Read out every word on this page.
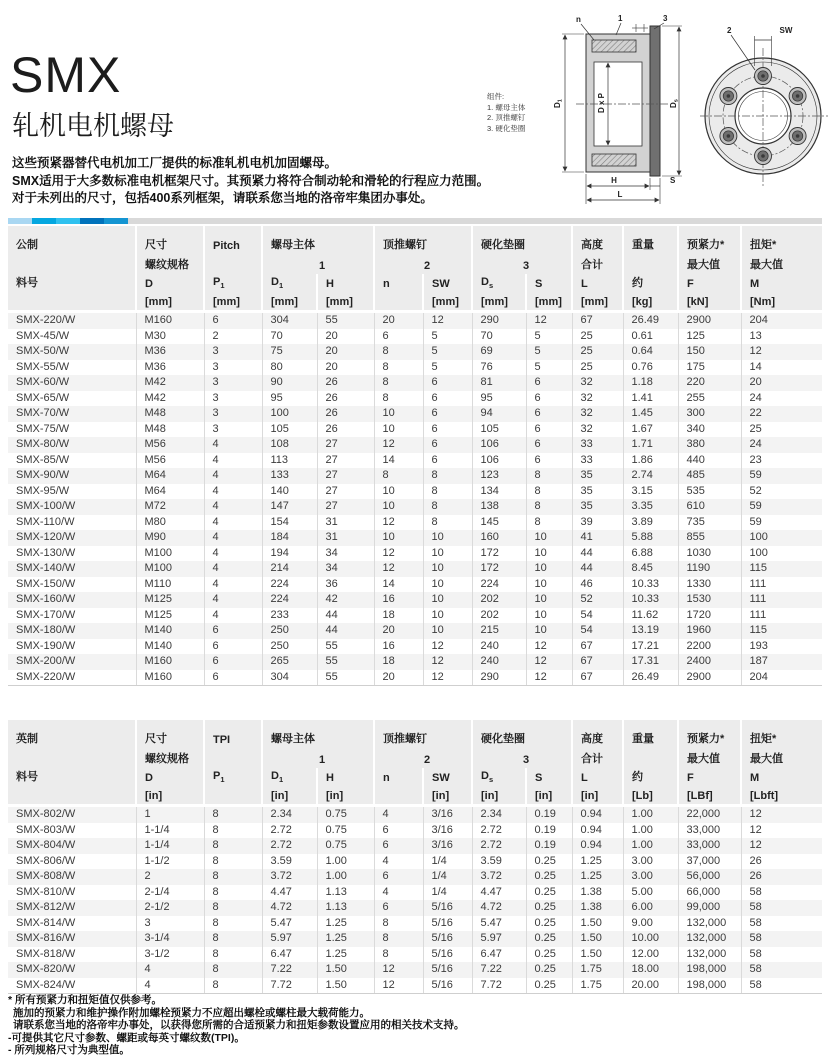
SMX
轧机电机螺母
这些预紧器替代电机加工厂提供的标准轧机电机加固螺母。
SMX适用于大多数标准电机框架尺寸。其预紧力将符合制动轮和滑轮的行程应力范围。
对于未列出的尺寸，包括400系列框架，请联系您当地的洛帝牢集团办事处。
组件:
1. 螺母主体
2. 顶推螺钉
3. 硬化垫圈
D1	D x P	Ds
H	S
L
n	1	3
2	SW
公制	尺寸	Pitch	螺母主体		顶推螺钉		硬化垫圈		高度	重量	预紧力*	扭矩*
	螺纹规格		1		2		3		合计		最大值	最大值
料号	D	$P_1$	$D_1$	H	n	SW	$D_s$	S	L	约	F	M
	[mm]	[mm]	[mm]	[mm]		[mm]	[mm]	[mm]	[mm]	[kg]	[kN]	[Nm]
SMX-220/W	M160	6	304	55	20	12	290	12	67	26.49	2900	204
SMX-45/W	M30	2	70	20	6	5	70	5	25	0.61	125	13
SMX-50/W	M36	3	75	20	8	5	69	5	25	0.64	150	12
SMX-55/W	M36	3	80	20	8	5	76	5	25	0.76	175	14
SMX-60/W	M42	3	90	26	8	6	81	6	32	1.18	220	20
SMX-65/W	M42	3	95	26	8	6	95	6	32	1.41	255	24
SMX-70/W	M48	3	100	26	10	6	94	6	32	1.45	300	22
SMX-75/W	M48	3	105	26	10	6	105	6	32	1.67	340	25
SMX-80/W	M56	4	108	27	12	6	106	6	33	1.71	380	24
SMX-85/W	M56	4	113	27	14	6	106	6	33	1.86	440	23
SMX-90/W	M64	4	133	27	8	8	123	8	35	2.74	485	59
SMX-95/W	M64	4	140	27	10	8	134	8	35	3.15	535	52
SMX-100/W	M72	4	147	27	10	8	138	8	35	3.35	610	59
SMX-110/W	M80	4	154	31	12	8	145	8	39	3.89	735	59
SMX-120/W	M90	4	184	31	10	10	160	10	41	5.88	855	100
SMX-130/W	M100	4	194	34	12	10	172	10	44	6.88	1030	100
SMX-140/W	M100	4	214	34	12	10	172	10	44	8.45	1190	115
SMX-150/W	M110	4	224	36	14	10	224	10	46	10.33	1330	111
SMX-160/W	M125	4	224	42	16	10	202	10	52	10.33	1530	111
SMX-170/W	M125	4	233	44	18	10	202	10	54	11.62	1720	111
SMX-180/W	M140	6	250	44	20	10	215	10	54	13.19	1960	115
SMX-190/W	M140	6	250	55	16	12	240	12	67	17.21	2200	193
SMX-200/W	M160	6	265	55	18	12	240	12	67	17.31	2400	187
SMX-220/W	M160	6	304	55	20	12	290	12	67	26.49	2900	204
英制	尺寸	TPI	螺母主体		顶推螺钉		硬化垫圈		高度	重量	预紧力*	扭矩*
	螺纹规格		1		2		3		合计		最大值	最大值
料号	D	$P_1$	$D_1$	H	n	SW	$D_s$	S	L	约	F	M
	[in]		[in]	[in]		[in]	[in]	[in]	[in]	[Lb]	[LBf]	[Lbft]
SMX-802/W	1	8	2.34	0.75	4	3/16	2.34	0.19	0.94	1.00	22,000	12
SMX-803/W	1-1/4	8	2.72	0.75	6	3/16	2.72	0.19	0.94	1.00	33,000	12
SMX-804/W	1-1/4	8	2.72	0.75	6	3/16	2.72	0.19	0.94	1.00	33,000	12
SMX-806/W	1-1/2	8	3.59	1.00	4	1/4	3.59	0.25	1.25	3.00	37,000	26
SMX-808/W	2	8	3.72	1.00	6	1/4	3.72	0.25	1.25	3.00	56,000	26
SMX-810/W	2-1/4	8	4.47	1.13	4	1/4	4.47	0.25	1.38	5.00	66,000	58
SMX-812/W	2-1/2	8	4.72	1.13	6	5/16	4.72	0.25	1.38	6.00	99,000	58
SMX-814/W	3	8	5.47	1.25	8	5/16	5.47	0.25	1.50	9.00	132,000	58
SMX-816/W	3-1/4	8	5.97	1.25	8	5/16	5.97	0.25	1.50	10.00	132,000	58
SMX-818/W	3-1/2	8	6.47	1.25	8	5/16	6.47	0.25	1.50	12.00	132,000	58
SMX-820/W	4	8	7.22	1.50	12	5/16	7.22	0.25	1.75	18.00	198,000	58
SMX-824/W	4	8	7.72	1.50	12	5/16	7.72	0.25	1.75	20.00	198,000	58
* 所有预紧力和扭矩值仅供参考。
施加的预紧力和维护操作附加螺栓预紧力不应超出螺栓或螺柱最大载荷能力。
请联系您当地的洛帝牢办事处，以获得您所需的合适预紧力和扭矩参数设置应用的相关技术支持。
-可提供其它尺寸参数、螺距或每英寸螺纹数(TPI)。
- 所列规格尺寸为典型值。
